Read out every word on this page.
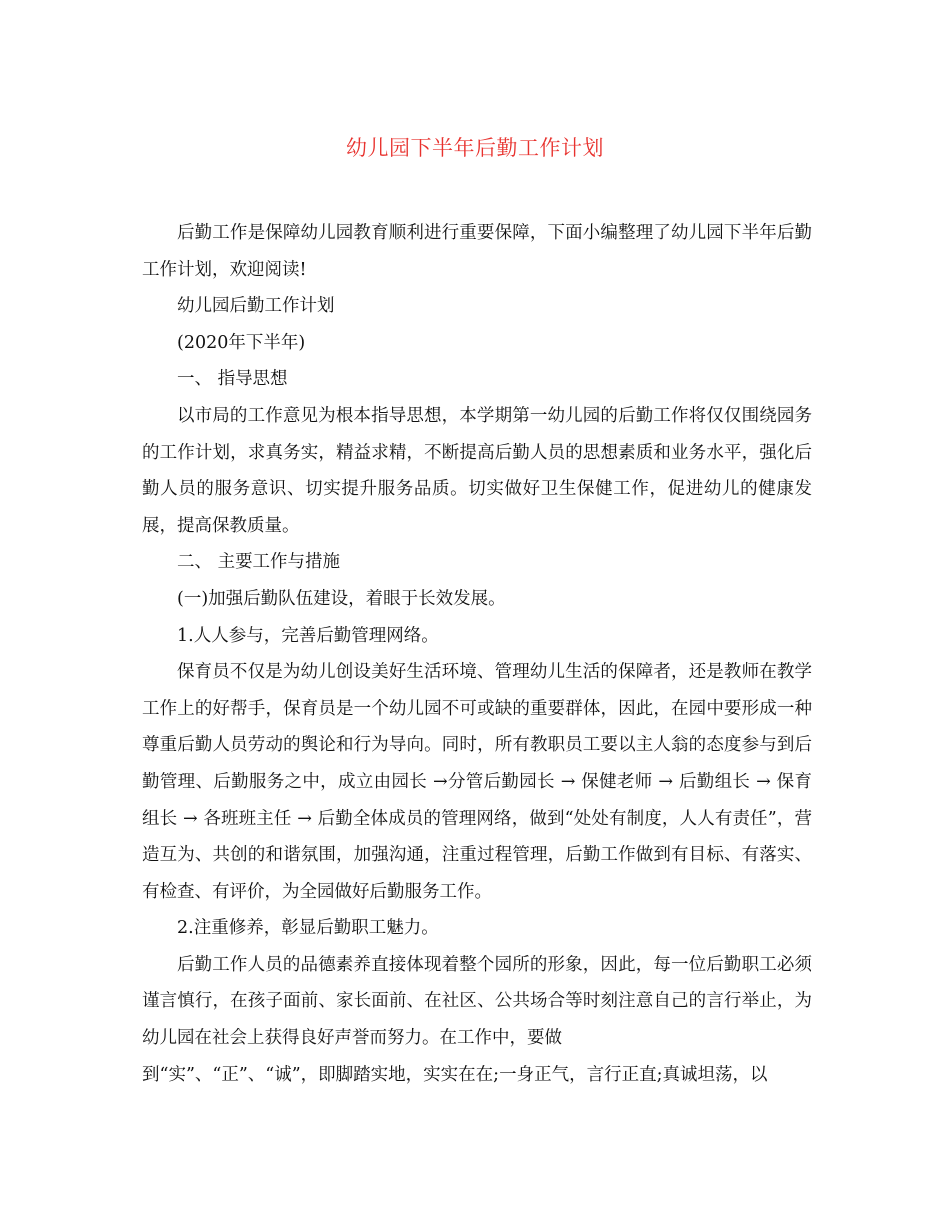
幼儿园下半年后勤工作计划

后勤工作是保障幼儿园教育顺利进行重要保障，下面小编整理了幼儿园下半年后勤工作计划，欢迎阅读!

幼儿园后勤工作计划

(2020年下半年)

一、 指导思想

以市局的工作意见为根本指导思想，本学期第一幼儿园的后勤工作将仅仅围绕园务的工作计划，求真务实，精益求精，不断提高后勤人员的思想素质和业务水平，强化后勤人员的服务意识、切实提升服务品质。切实做好卫生保健工作，促进幼儿的健康发展，提高保教质量。

二、 主要工作与措施

(一)加强后勤队伍建设，着眼于长效发展。

1.人人参与，完善后勤管理网络。

保育员不仅是为幼儿创设美好生活环境、管理幼儿生活的保障者，还是教师在教学工作上的好帮手，保育员是一个幼儿园不可或缺的重要群体，因此，在园中要形成一种尊重后勤人员劳动的舆论和行为导向。同时，所有教职员工要以主人翁的态度参与到后勤管理、后勤服务之中，成立由园长 →分管后勤园长 → 保健老师 → 后勤组长 → 保育组长 → 各班班主任 → 后勤全体成员的管理网络，做到“处处有制度，人人有责任”，营造互为、共创的和谐氛围，加强沟通，注重过程管理，后勤工作做到有目标、有落实、有检查、有评价，为全园做好后勤服务工作。

2.注重修养，彰显后勤职工魅力。

后勤工作人员的品德素养直接体现着整个园所的形象，因此，每一位后勤职工必须谨言慎行，在孩子面前、家长面前、在社区、公共场合等时刻注意自己的言行举止，为幼儿园在社会上获得良好声誉而努力。在工作中，要做

到“实”、“正”、“诚”，即脚踏实地，实实在在;一身正气，言行正直;真诚坦荡，以
